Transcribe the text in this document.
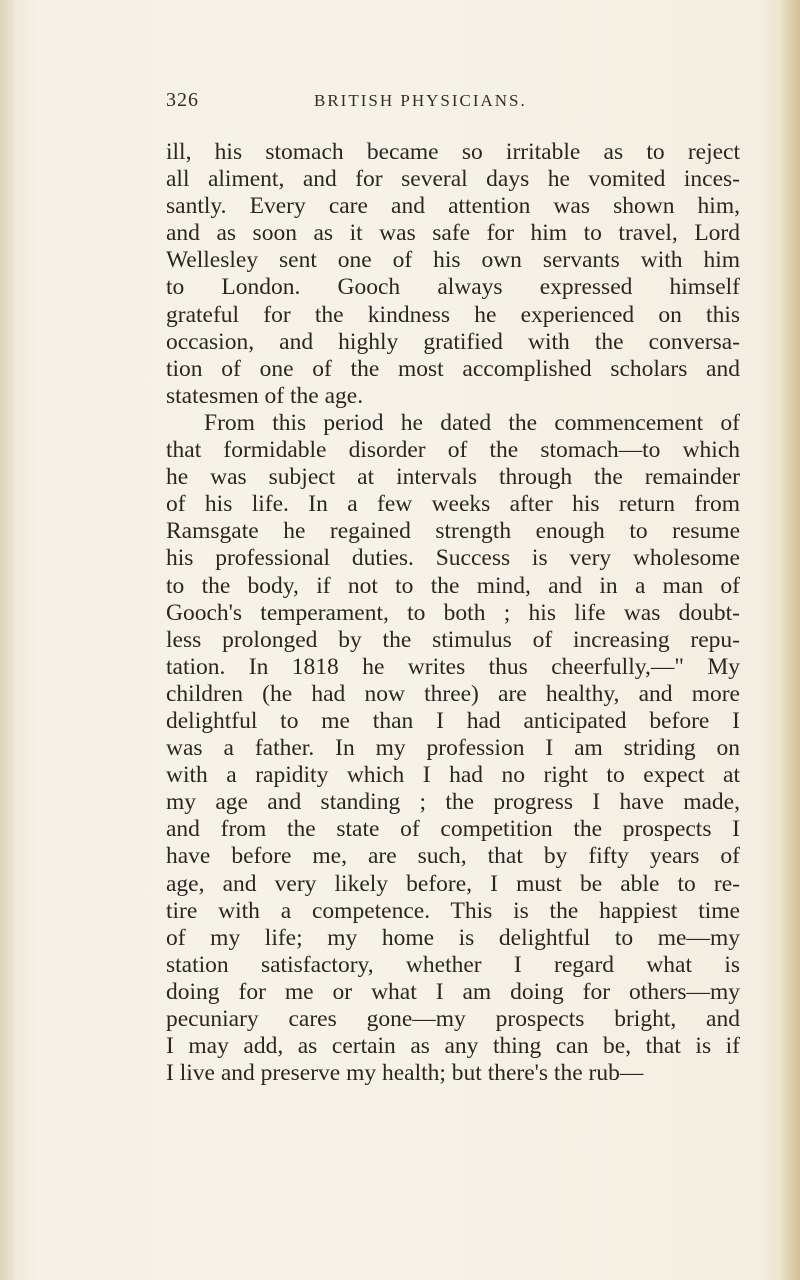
326	BRITISH PHYSICIANS.
ill, his stomach became so irritable as to reject
all aliment, and for several days he vomited inces-
santly. Every care and attention was shown him,
and as soon as it was safe for him to travel, Lord
Wellesley sent one of his own servants with him
to London. Gooch always expressed himself
grateful for the kindness he experienced on this
occasion, and highly gratified with the conversa-
tion of one of the most accomplished scholars and
statesmen of the age.
From this period he dated the commencement of
that formidable disorder of the stomach—to which
he was subject at intervals through the remainder
of his life. In a few weeks after his return from
Ramsgate he regained strength enough to resume
his professional duties. Success is very wholesome
to the body, if not to the mind, and in a man of
Gooch's temperament, to both ; his life was doubt-
less prolonged by the stimulus of increasing repu-
tation. In 1818 he writes thus cheerfully,—" My
children (he had now three) are healthy, and more
delightful to me than I had anticipated before I
was a father. In my profession I am striding on
with a rapidity which I had no right to expect at
my age and standing ; the progress I have made,
and from the state of competition the prospects I
have before me, are such, that by fifty years of
age, and very likely before, I must be able to re-
tire with a competence. This is the happiest time
of my life; my home is delightful to me—my
station satisfactory, whether I regard what is
doing for me or what I am doing for others—my
pecuniary cares gone—my prospects bright, and
I may add, as certain as any thing can be, that is if
I live and preserve my health; but there's the rub—
